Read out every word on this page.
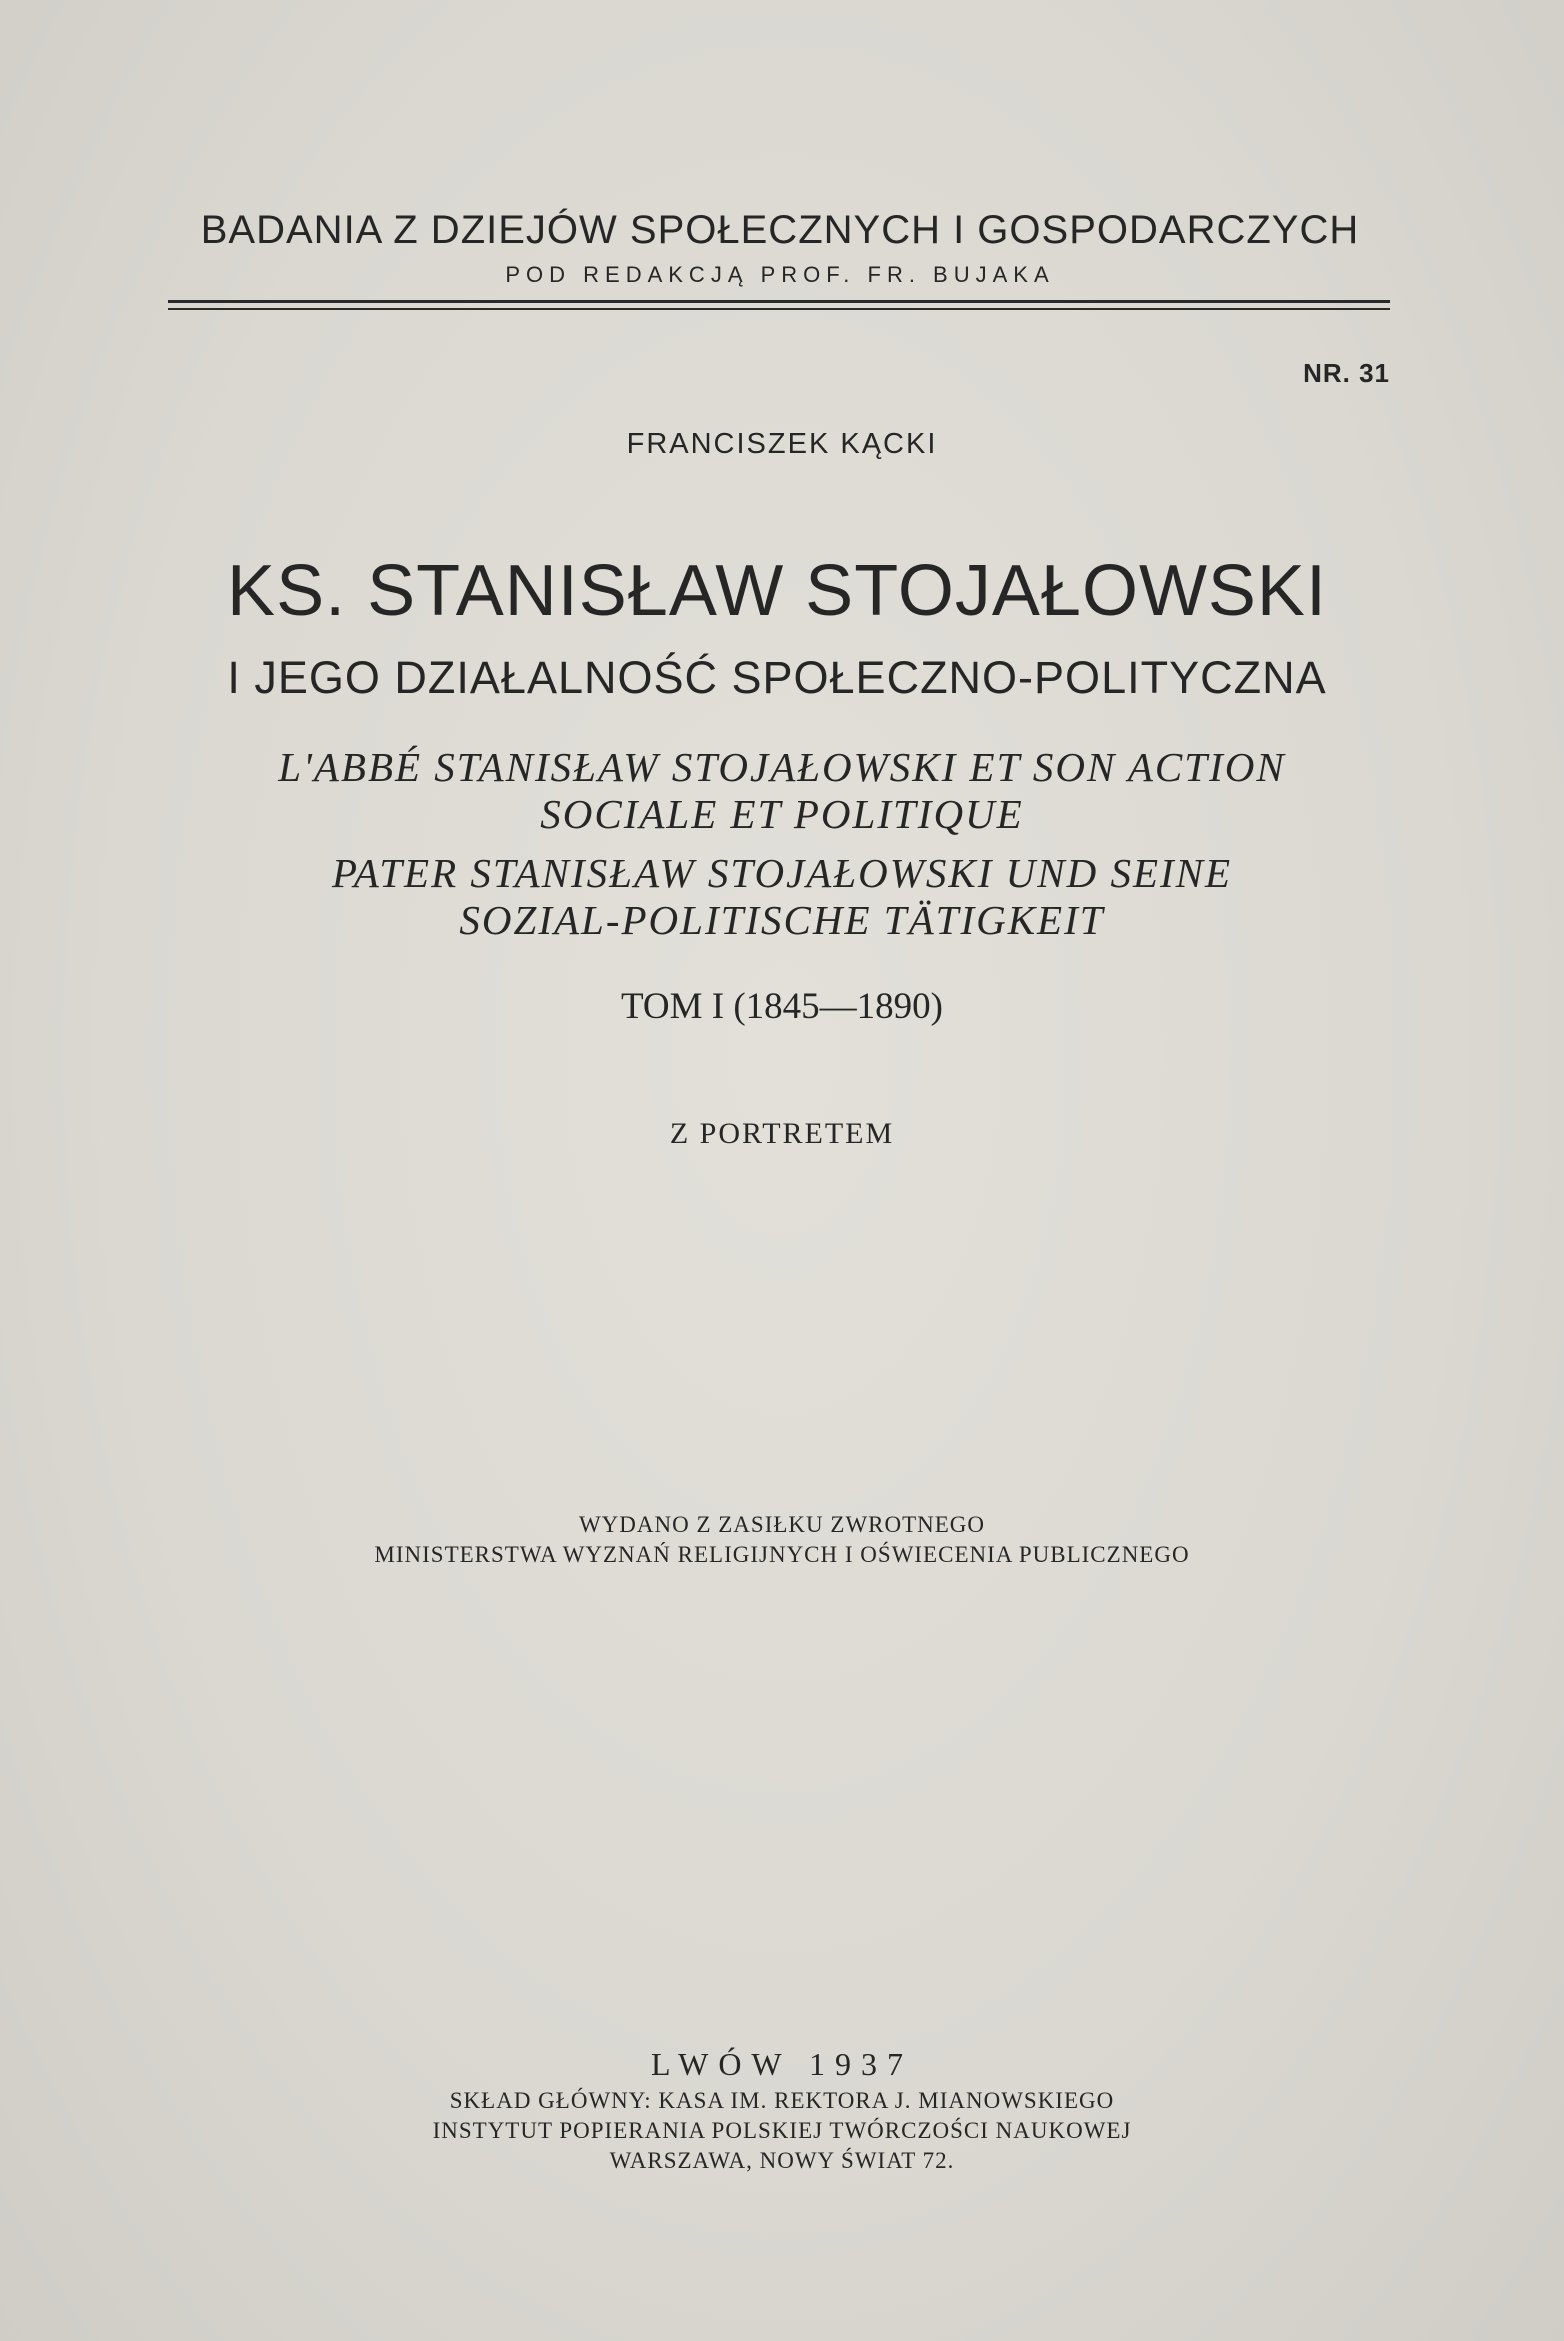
BADANIA Z DZIEJÓW SPOŁECZNYCH I GOSPODARCZYCH
POD REDAKCJĄ PROF. FR. BUJAKA
NR. 31
FRANCISZEK KĄCKI
KS. STANISŁAW STOJAŁOWSKI
I JEGO DZIAŁALNOŚĆ SPOŁECZNO-POLITYCZNA
L'ABBÉ STANISŁAW STOJAŁOWSKI ET SON ACTION
SOCIALE ET POLITIQUE
PATER STANISŁAW STOJAŁOWSKI UND SEINE
SOZIAL-POLITISCHE TÄTIGKEIT
TOM I (1845—1890)
Z PORTRETEM
WYDANO Z ZASIŁKU ZWROTNEGO
MINISTERSTWA WYZNAŃ RELIGIJNYCH I OŚWIECENIA PUBLICZNEGO
LWÓW 1937
SKŁAD GŁÓWNY: KASA IM. REKTORA J. MIANOWSKIEGO
INSTYTUT POPIERANIA POLSKIEJ TWÓRCZOŚCI NAUKOWEJ
WARSZAWA, NOWY ŚWIAT 72.
